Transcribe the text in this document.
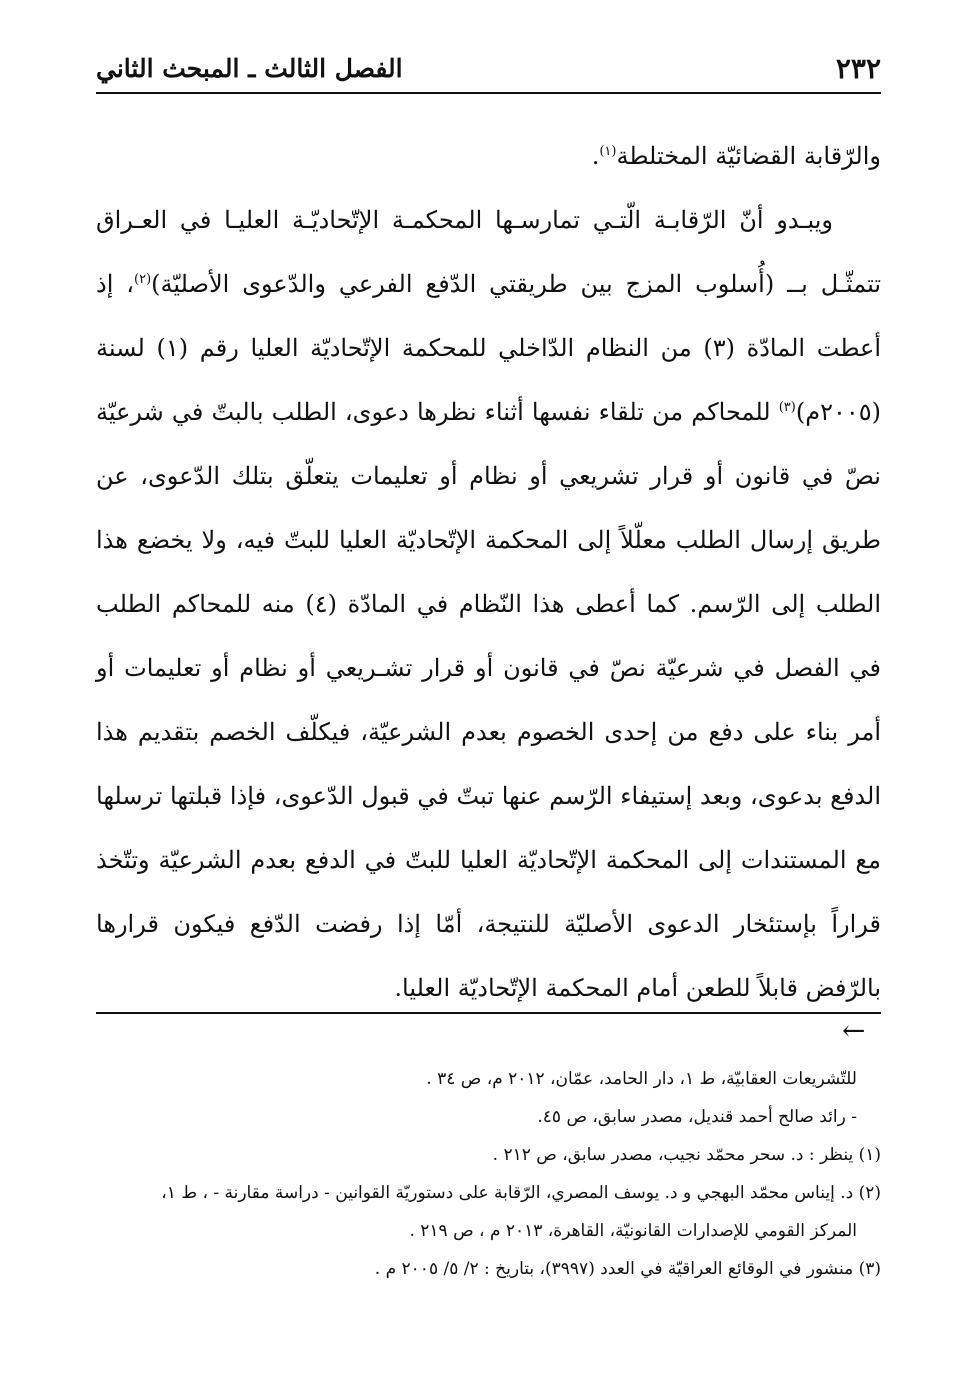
٢٣٢
الفصل الثالث ـ المبحث الثاني

والرّقابة القضائيّة المختلطة$^{(١)}$.

ويبـدو أنّ الرّقابـة الّتـي تمارسـها المحكمـة الإتّحاديّـة العليـا في العـراق تتمثّـل بــ (أُسلوب المزج بين طريقتي الدّفع الفرعي والدّعوى الأصليّة)$^{(٢)}$، إذ أعطت المادّة (٣) من النظام الدّاخلي للمحكمة الإتّحاديّة العليا رقم (١) لسنة (٢٠٠٥م)$^{(٣)}$ للمحاكم من تلقاء نفسها أثناء نظرها دعوى، الطلب بالبتّ في شرعيّة نصّ في قانون أو قرار تشريعي أو نظام أو تعليمات يتعلّق بتلك الدّعوى، عن طريق إرسال الطلب معلّلاً إلى المحكمة الإتّحاديّة العليا للبتّ فيه، ولا يخضع هذا الطلب إلى الرّسم. كما أعطى هذا النّظام في المادّة (٤) منه للمحاكم الطلب في الفصل في شرعيّة نصّ في قانون أو قرار تشـريعي أو نظام أو تعليمات أو أمر بناء على دفع من إحدى الخصوم بعدم الشرعيّة، فيكلّف الخصم بتقديم هذا الدفع بدعوى، وبعد إستيفاء الرّسم عنها تبتّ في قبول الدّعوى، فإذا قبلتها ترسلها مع المستندات إلى المحكمة الإتّحاديّة العليا للبتّ في الدفع بعدم الشرعيّة وتتّخذ قراراً بإستئخار الدعوى الأصليّة للنتيجة، أمّا إذا رفضت الدّفع فيكون قرارها بالرّفض قابلاً للطعن أمام المحكمة الإتّحاديّة العليا.

←

للتّشريعات العقابيّة، ط ١، دار الحامد، عمّان، ٢٠١٢ م، ص ٣٤ .

- رائد صالح أحمد قنديل، مصدر سابق، ص ٤٥.

(١) ينظر : د. سحر محمّد نجيب، مصدر سابق، ص ٢١٢ .

(٢) د. إيناس محمّد البهجي و د. يوسف المصري، الرّقابة على دستوريّة القوانين - دراسة مقارنة - ، ط ١،

المركز القومي للإصدارات القانونيّة، القاهرة، ٢٠١٣ م ، ص ٢١٩ .

(٣) منشور في الوقائع العراقيّة في العدد (٣٩٩٧)، بتاريخ : ٢/ ٥/ ٢٠٠٥ م .
